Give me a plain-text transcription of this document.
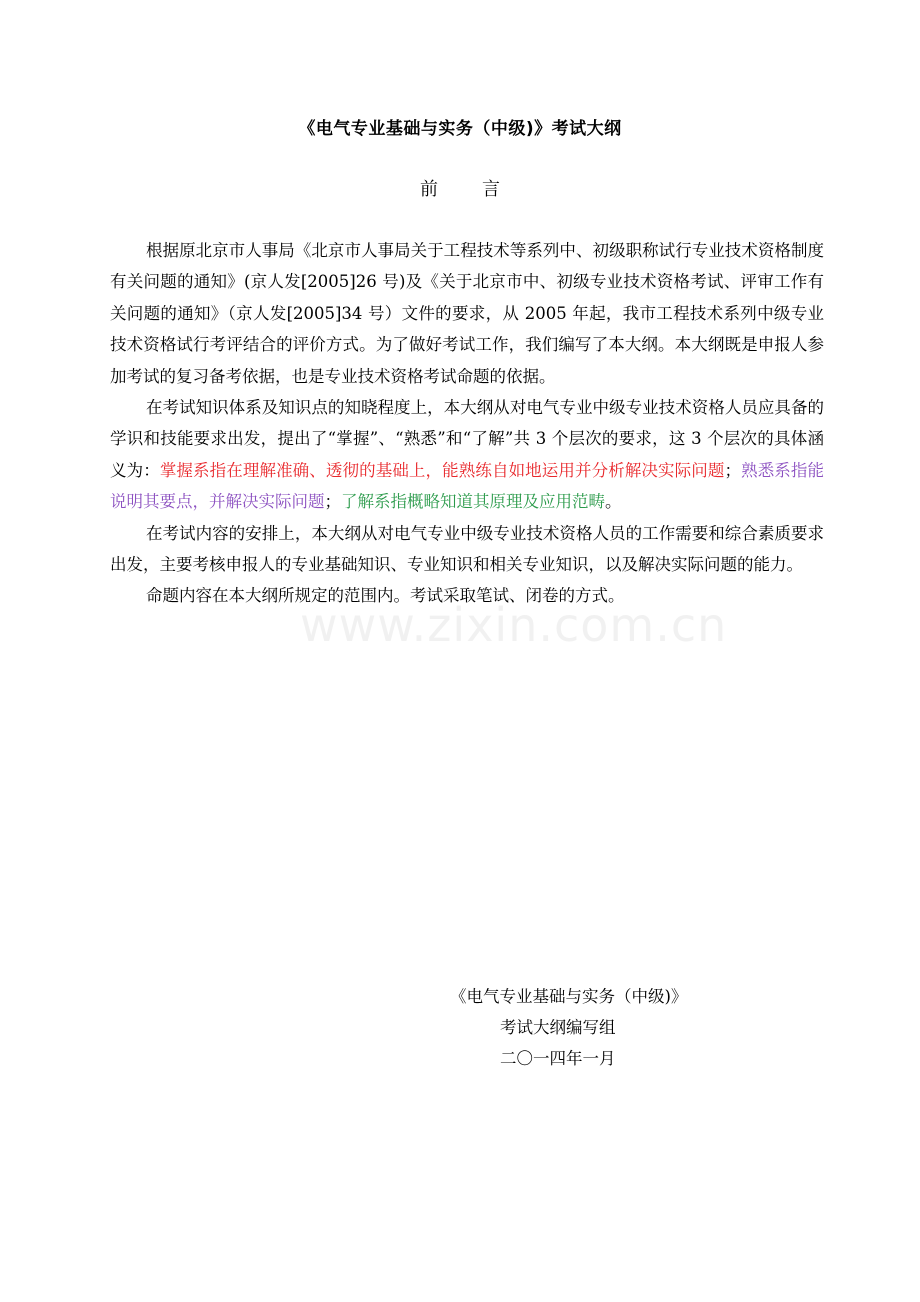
www.zixin.com.cn
《电气专业基础与实务（中级)》考试大纲
前 言

根据原北京市人事局《北京市人事局关于工程技术等系列中、初级职称试行专业技术资格制度有关问题的通知》(京人发[2005]26 号)及《关于北京市中、初级专业技术资格考试、评审工作有关问题的通知》（京人发[2005]34 号）文件的要求，从 2005 年起，我市工程技术系列中级专业技术资格试行考评结合的评价方式。为了做好考试工作，我们编写了本大纲。本大纲既是申报人参加考试的复习备考依据，也是专业技术资格考试命题的依据。

在考试知识体系及知识点的知晓程度上，本大纲从对电气专业中级专业技术资格人员应具备的学识和技能要求出发，提出了“掌握”、“熟悉”和“了解”共 3 个层次的要求，这 3 个层次的具体涵义为：掌握系指在理解准确、透彻的基础上，能熟练自如地运用并分析解决实际问题；熟悉系指能说明其要点，并解决实际问题；了解系指概略知道其原理及应用范畴。

在考试内容的安排上，本大纲从对电气专业中级专业技术资格人员的工作需要和综合素质要求出发，主要考核申报人的专业基础知识、专业知识和相关专业知识，以及解决实际问题的能力。

命题内容在本大纲所规定的范围内。考试采取笔试、闭卷的方式。

《电气专业基础与实务（中级)》
考试大纲编写组
二〇一四年一月
